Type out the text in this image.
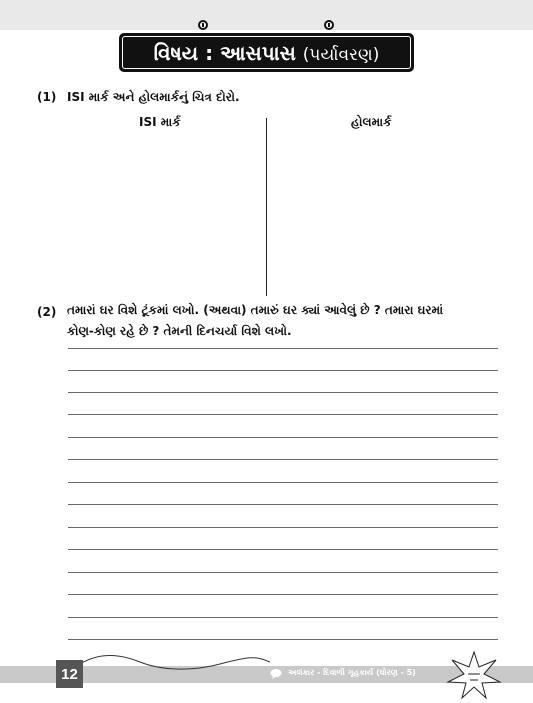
વિષય : આસપાસ (પર્યાવરણ)
(1) ISI માર્ક અને હોલમાર્કનું ચિત્ર દોરો.
ISI માર્ક	હોલમાર્ક
(2) તમારાં ઘર વિશે ટૂંકમાં લખો. (અથવા) તમારું ઘર ક્યાં આવેલું છે ? તમારા ઘરમાં
કોણ-કોણ રહે છે ? તેમની દિનચર્યા વિશે લખો.
12	અલંકાર - દિવાળી ગૃહકાર્ય (ધોરણ - 5)
